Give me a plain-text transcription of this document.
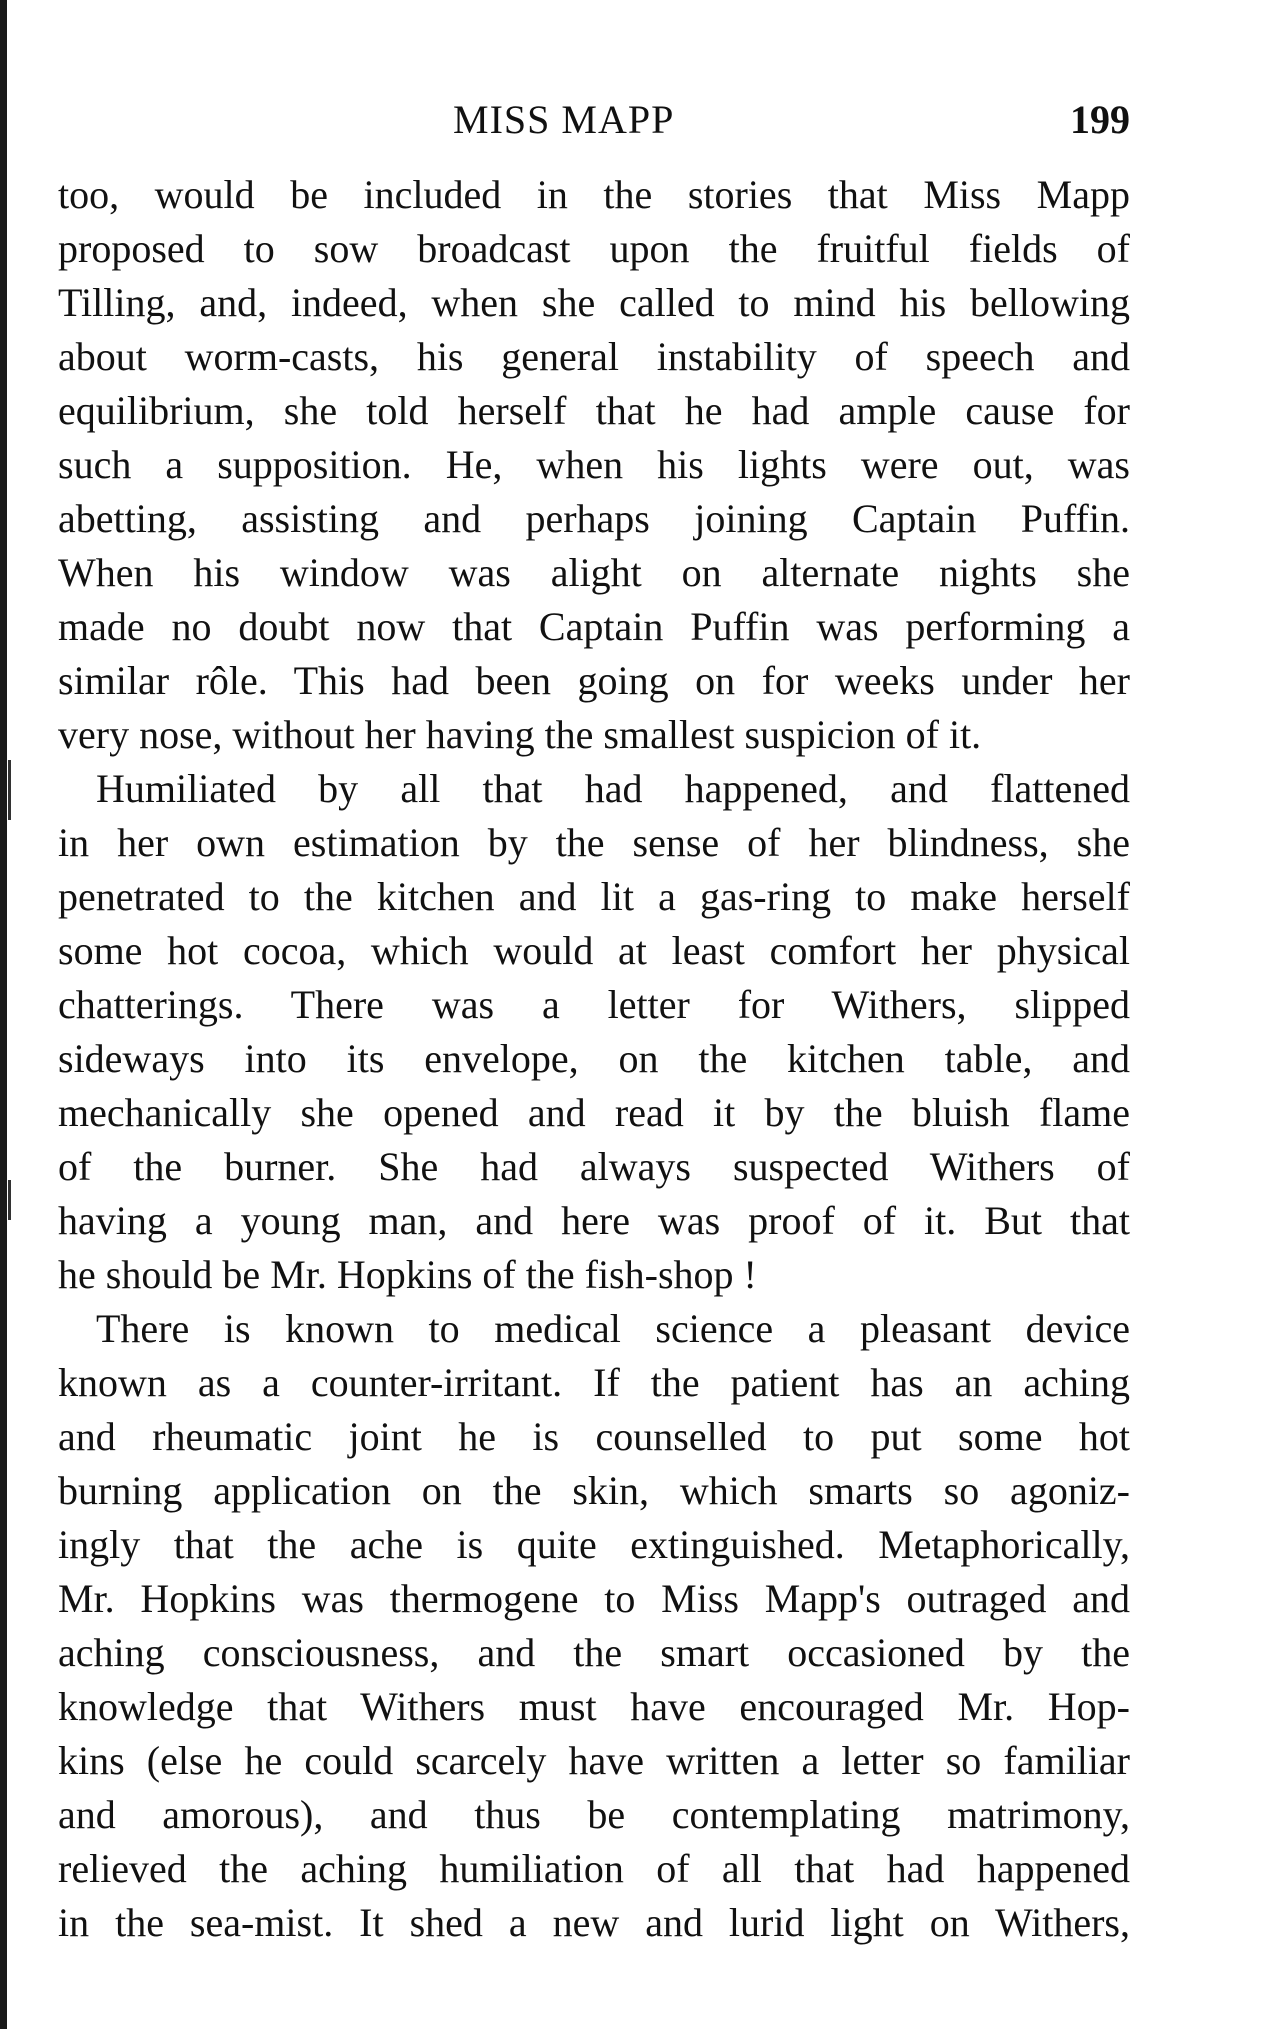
MISS MAPP	199
too, would be included in the stories that Miss Mapp
proposed to sow broadcast upon the fruitful fields of
Tilling, and, indeed, when she called to mind his bellowing
about worm-casts, his general instability of speech and
equilibrium, she told herself that he had ample cause for
such a supposition. He, when his lights were out, was
abetting, assisting and perhaps joining Captain Puffin.
When his window was alight on alternate nights she
made no doubt now that Captain Puffin was performing a
similar rôle. This had been going on for weeks under her
very nose, without her having the smallest suspicion of it.
Humiliated by all that had happened, and flattened
in her own estimation by the sense of her blindness, she
penetrated to the kitchen and lit a gas-ring to make herself
some hot cocoa, which would at least comfort her physical
chatterings. There was a letter for Withers, slipped
sideways into its envelope, on the kitchen table, and
mechanically she opened and read it by the bluish flame
of the burner. She had always suspected Withers of
having a young man, and here was proof of it. But that
he should be Mr. Hopkins of the fish-shop !
There is known to medical science a pleasant device
known as a counter-irritant. If the patient has an aching
and rheumatic joint he is counselled to put some hot
burning application on the skin, which smarts so agoniz-
ingly that the ache is quite extinguished. Metaphorically,
Mr. Hopkins was thermogene to Miss Mapp's outraged and
aching consciousness, and the smart occasioned by the
knowledge that Withers must have encouraged Mr. Hop-
kins (else he could scarcely have written a letter so familiar
and amorous), and thus be contemplating matrimony,
relieved the aching humiliation of all that had happened
in the sea-mist. It shed a new and lurid light on Withers,
